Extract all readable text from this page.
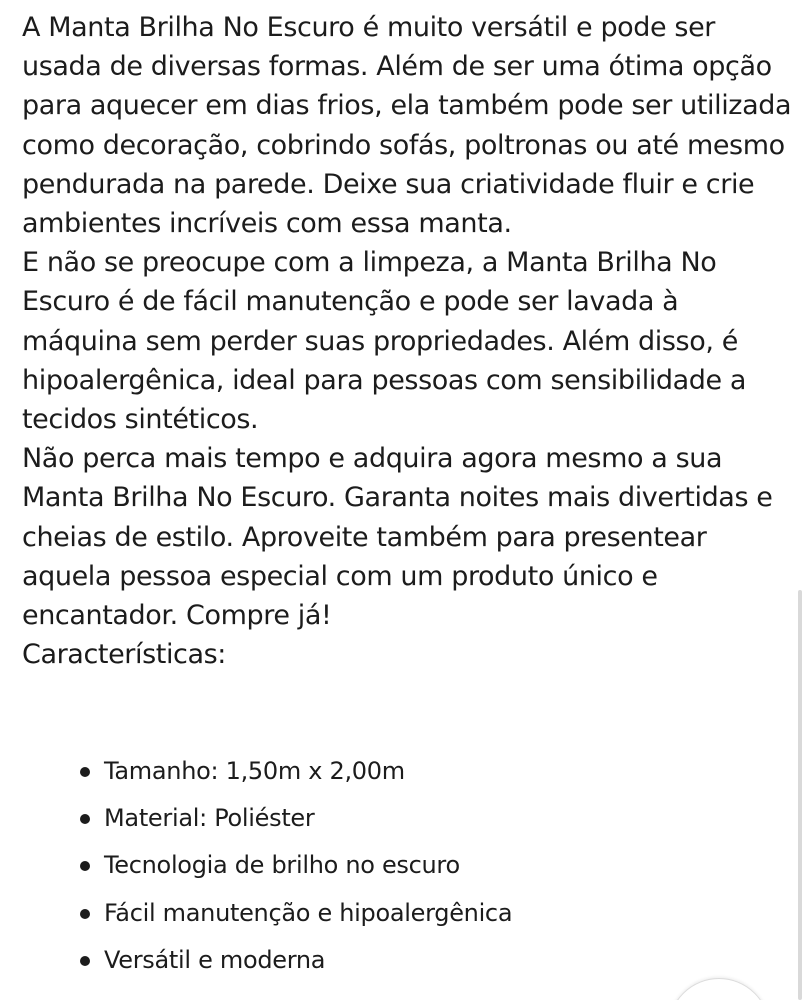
A Manta Brilha No Escuro é muito versátil e pode ser usada de diversas formas. Além de ser uma ótima opção para aquecer em dias frios, ela também pode ser utilizada como decoração, cobrindo sofás, poltronas ou até mesmo pendurada na parede. Deixe sua criatividade fluir e crie ambientes incríveis com essa manta.

E não se preocupe com a limpeza, a Manta Brilha No Escuro é de fácil manutenção e pode ser lavada à máquina sem perder suas propriedades. Além disso, é hipoalergênica, ideal para pessoas com sensibilidade a tecidos sintéticos.

Não perca mais tempo e adquira agora mesmo a sua Manta Brilha No Escuro. Garanta noites mais divertidas e cheias de estilo. Aproveite também para presentear aquela pessoa especial com um produto único e encantador. Compre já!

Características:

Tamanho: 1,50m x 2,00m
Material: Poliéster
Tecnologia de brilho no escuro
Fácil manutenção e hipoalergênica
Versátil e moderna
